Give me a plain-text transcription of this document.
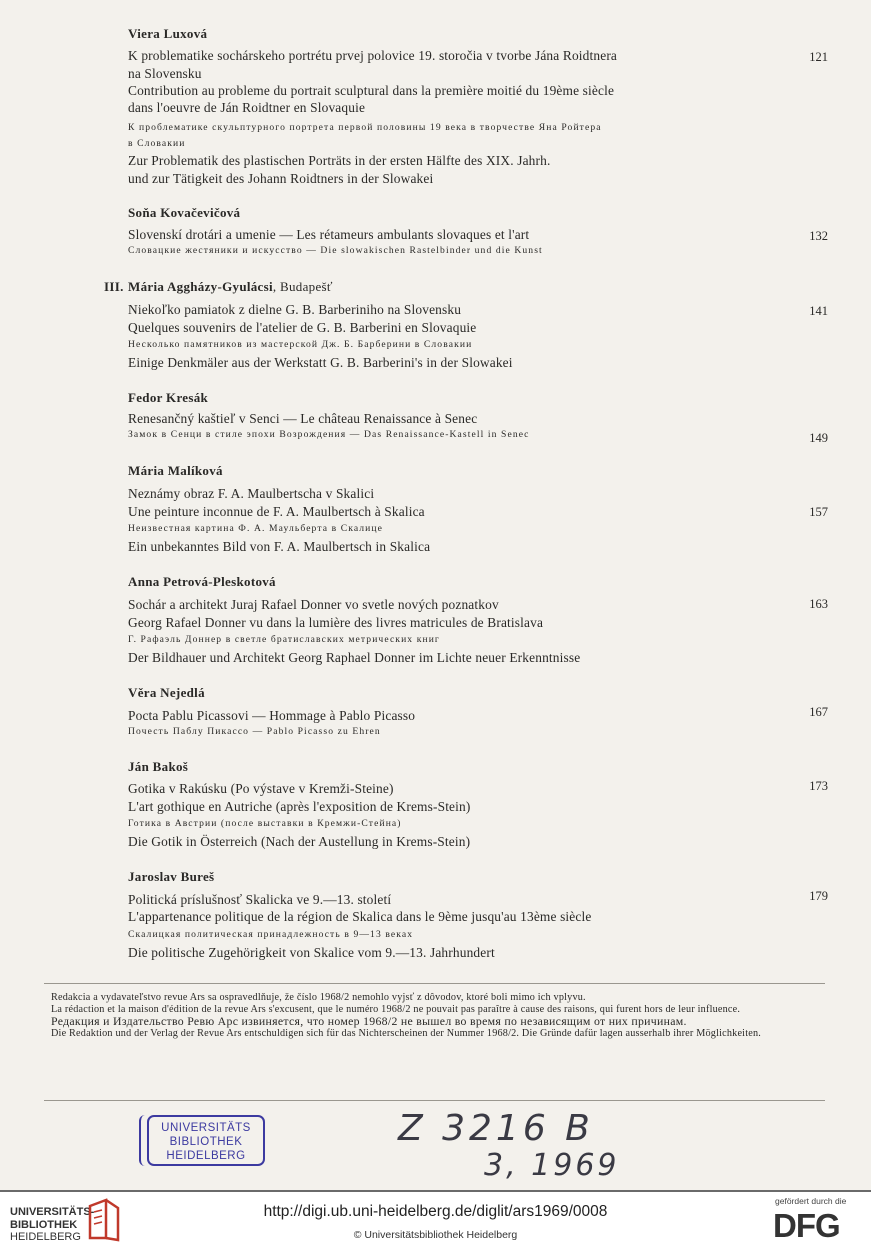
Viera Luxová
K problematike sochárskeho portrétu prvej polovice 19. storočia v tvorbe Jána Roidtnera
na Slovensku
Contribution au probleme du portrait sculptural dans la première moitié du 19ème siècle
dans l'oeuvre de Ján Roidtner en Slovaquie
К проблематике скульптурного портрета первой половины 19 века в творчестве Яна Ройтера
в Словакии
Zur Problematik des plastischen Porträts in der ersten Hälfte des XIX. Jahrh.
und zur Tätigkeit des Johann Roidtners in der Slowakei
121
Soňa Kovačevičová
Slovenskí drotári a umenie — Les rétameurs ambulants slovaques et l'art
Словацкие жестяники и искусство — Die slowakischen Rastelbinder und die Kunst
132
III. Mária Aggházy-Gyulácsi, Budapešť
Niekoľko pamiatok z dielne G. B. Barberiniho na Slovensku
Quelques souvenirs de l'atelier de G. B. Barberini en Slovaquie
Несколько памятников из мастерской Дж. Б. Барберини в Словакии
Einige Denkmäler aus der Werkstatt G. B. Barberini's in der Slowakei
141
Fedor Kresák
Renesančný kaštieľ v Senci — Le château Renaissance à Senec
Замок в Сенци в стиле эпохи Возрождения — Das Renaissance-Kastell in Senec	149
Mária Malíková
Neznámy obraz F. A. Maulbertscha v Skalici
Une peinture inconnue de F. A. Maulbertsch à Skalica
Неизвестная картина Ф. А. Маульберта в Скалице
Ein unbekanntes Bild von F. A. Maulbertsch in Skalica
157
Anna Petrová-Pleskotová
Sochár a architekt Juraj Rafael Donner vo svetle nových poznatkov
Georg Rafael Donner vu dans la lumière des livres matricules de Bratislava
Г. Рафаэль Доннер в светле братиславских метрических книг
Der Bildhauer und Architekt Georg Raphael Donner im Lichte neuer Erkenntnisse
163
Věra Nejedlá
Pocta Pablu Picassovi — Hommage à Pablo Picasso
Почесть Паблу Пикассо — Pablo Picasso zu Ehren
167
Ján Bakoš
Gotika v Rakúsku (Po výstave v Kremži-Steine)
L'art gothique en Autriche (après l'exposition de Krems-Stein)
Готика в Австрии (после выставки в Кремжи-Стейна)
Die Gotik in Österreich (Nach der Austellung in Krems-Stein)
173
Jaroslav Bureš
Politická príslušnosť Skalicka ve 9.—13. století
L'appartenance politique de la région de Skalica dans le 9ème jusqu'au 13ème siècle
Скалицкая политическая принадлежность в 9—13 веках
Die politische Zugehörigkeit von Skalice vom 9.—13. Jahrhundert
179
Redakcia a vydavateľstvo revue Ars sa ospravedlňuje, že číslo 1968/2 nemohlo vyjsť z dôvodov, ktoré boli mimo ich vplyvu.
La rédaction et la maison d'édition de la revue Ars s'excusent, que le numéro 1968/2 ne pouvait pas paraître à cause des raisons, qui furent hors de leur influence.
Редакция и Издательство Ревю Арс извиняется, что номер 1968/2 не вышел во время по независящим от них причинам.
Die Redaktion und der Verlag der Revue Ars entschuldigen sich für das Nichterscheinen der Nummer 1968/2. Die Gründe dafür lagen ausserhalb ihrer Möglichkeiten.
UNIVERSITÄTS
BIBLIOTHEK
HEIDELBERG
Z 3216 B
3, 1969
UNIVERSITÄTS-
BIBLIOTHEK
HEIDELBERG
http://digi.ub.uni-heidelberg.de/diglit/ars1969/0008
© Universitätsbibliothek Heidelberg
gefördert durch die
DFG
